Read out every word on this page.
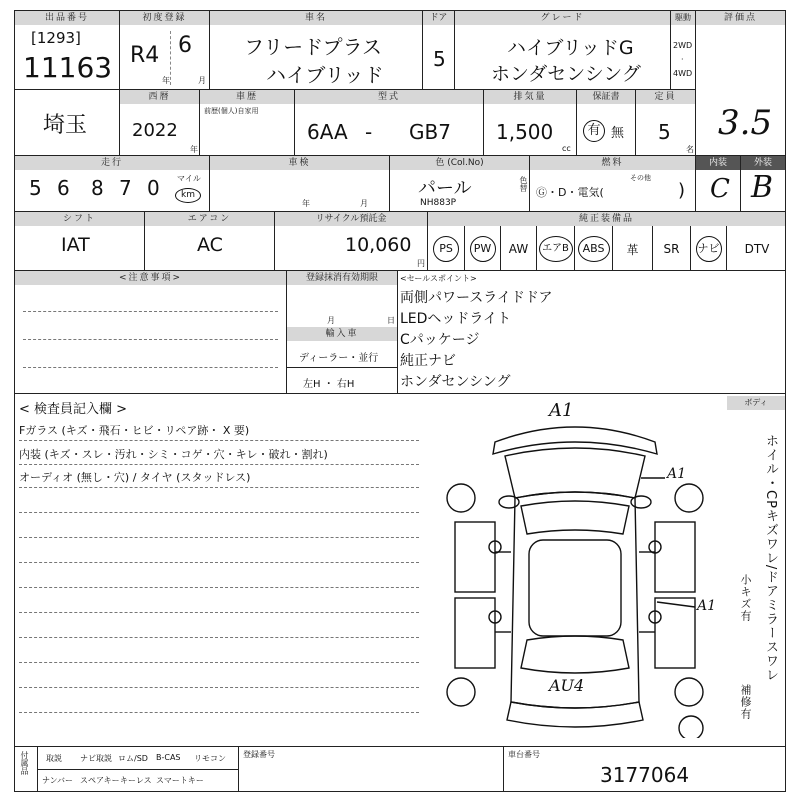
出品番号
[1293]
11163
初度登録
R4 6
年	月
車名
フリードプラス
ハイブリッド
ドア
5
グレード
ハイブリッドG
ホンダセンシング
駆動
2WD
·
4WD
評価点
3.5
埼玉
西暦
2022
年
車歴
前歴(個人)自家用
型式
6AA - GB7
排気量
1,500
cc
保証書
有 無
定員
5
名
走行
5 6 8 7 0 マイル
km
車検
年	月
色 (Col.No)
パール
NH883P
色替
燃料
Ⓖ・D・電気(
その他
)
内装
C
外装
B
シフト
IAT
エアコン
AC
リサイクル預託金
10,060
円
純正装備品
PS	PW	AW	エアB	ABS	革 SR ナビ DTV
<注意事項>	登録抹消有効期限
月	日
輸入車
ディーラー・並行
左H ・ 右H
<セールスポイント>
両側パワースライドドア
LEDヘッドライト
Cパッケージ
純正ナビ
ホンダセンシング
< 検査員記入欄 >
Fガラス (キズ・飛石・ヒビ・リペア跡・ X 要)
内装 (キズ・スレ・汚れ・シミ・コゲ・穴・キレ・破れ・割れ)
オーディオ (無し・穴) / タイヤ (スタッドレス)
A1
A1
A1
AU4
ボディ
ホイル・CPキズワレ/ドアミラースワレ
小キズ有
補修有
付属品 取説 ナビ取説 ロム/SD B-CAS リモコン
ナンバー スペアキー キーレス スマートキー
登録番号	車台番号
3177064
